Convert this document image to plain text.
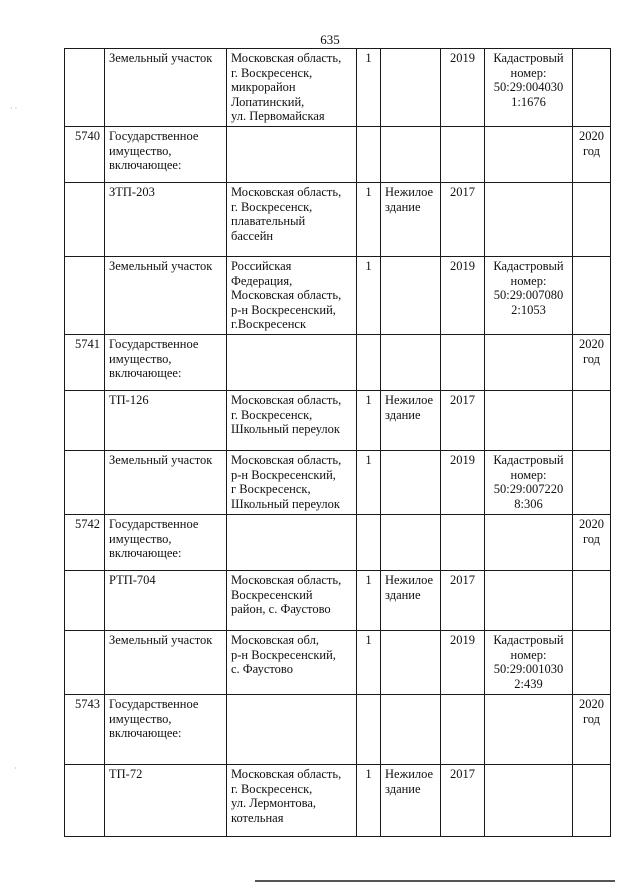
635

	Земельный участок	Московская область,
г. Воскресенск,
микрорайон
Лопатинский,
ул. Первомайская	1		2019	Кадастровый
номер:
50:29:004030
1:1676	

5740	Государственное
имущество,
включающее:						2020
год

	ЗТП-203	Московская область,
г. Воскресенск,
плавательный
бассейн	1	Нежилое
здание	2017		

	Земельный участок	Российская
Федерация,
Московская область,
р-н Воскресенский,
г.Воскресенск	1		2019	Кадастровый
номер:
50:29:007080
2:1053	

5741	Государственное
имущество,
включающее:						2020
год

	ТП-126	Московская область,
г. Воскресенск,
Школьный переулок	1	Нежилое
здание	2017		

	Земельный участок	Московская область,
р-н Воскресенский,
г Воскресенск,
Школьный переулок	1		2019	Кадастровый
номер:
50:29:007220
8:306	

5742	Государственное
имущество,
включающее:						2020
год

	РТП-704	Московская область,
Воскресенский
район, с. Фаустово	1	Нежилое
здание	2017		

	Земельный участок	Московская обл,
р-н Воскресенский,
с. Фаустово	1		2019	Кадастровый
номер:
50:29:001030
2:439	

5743	Государственное
имущество,
включающее:						2020
год

	ТП-72	Московская область,
г. Воскресенск,
ул. Лермонтова,
котельная	1	Нежилое
здание	2017		

· ·
·
